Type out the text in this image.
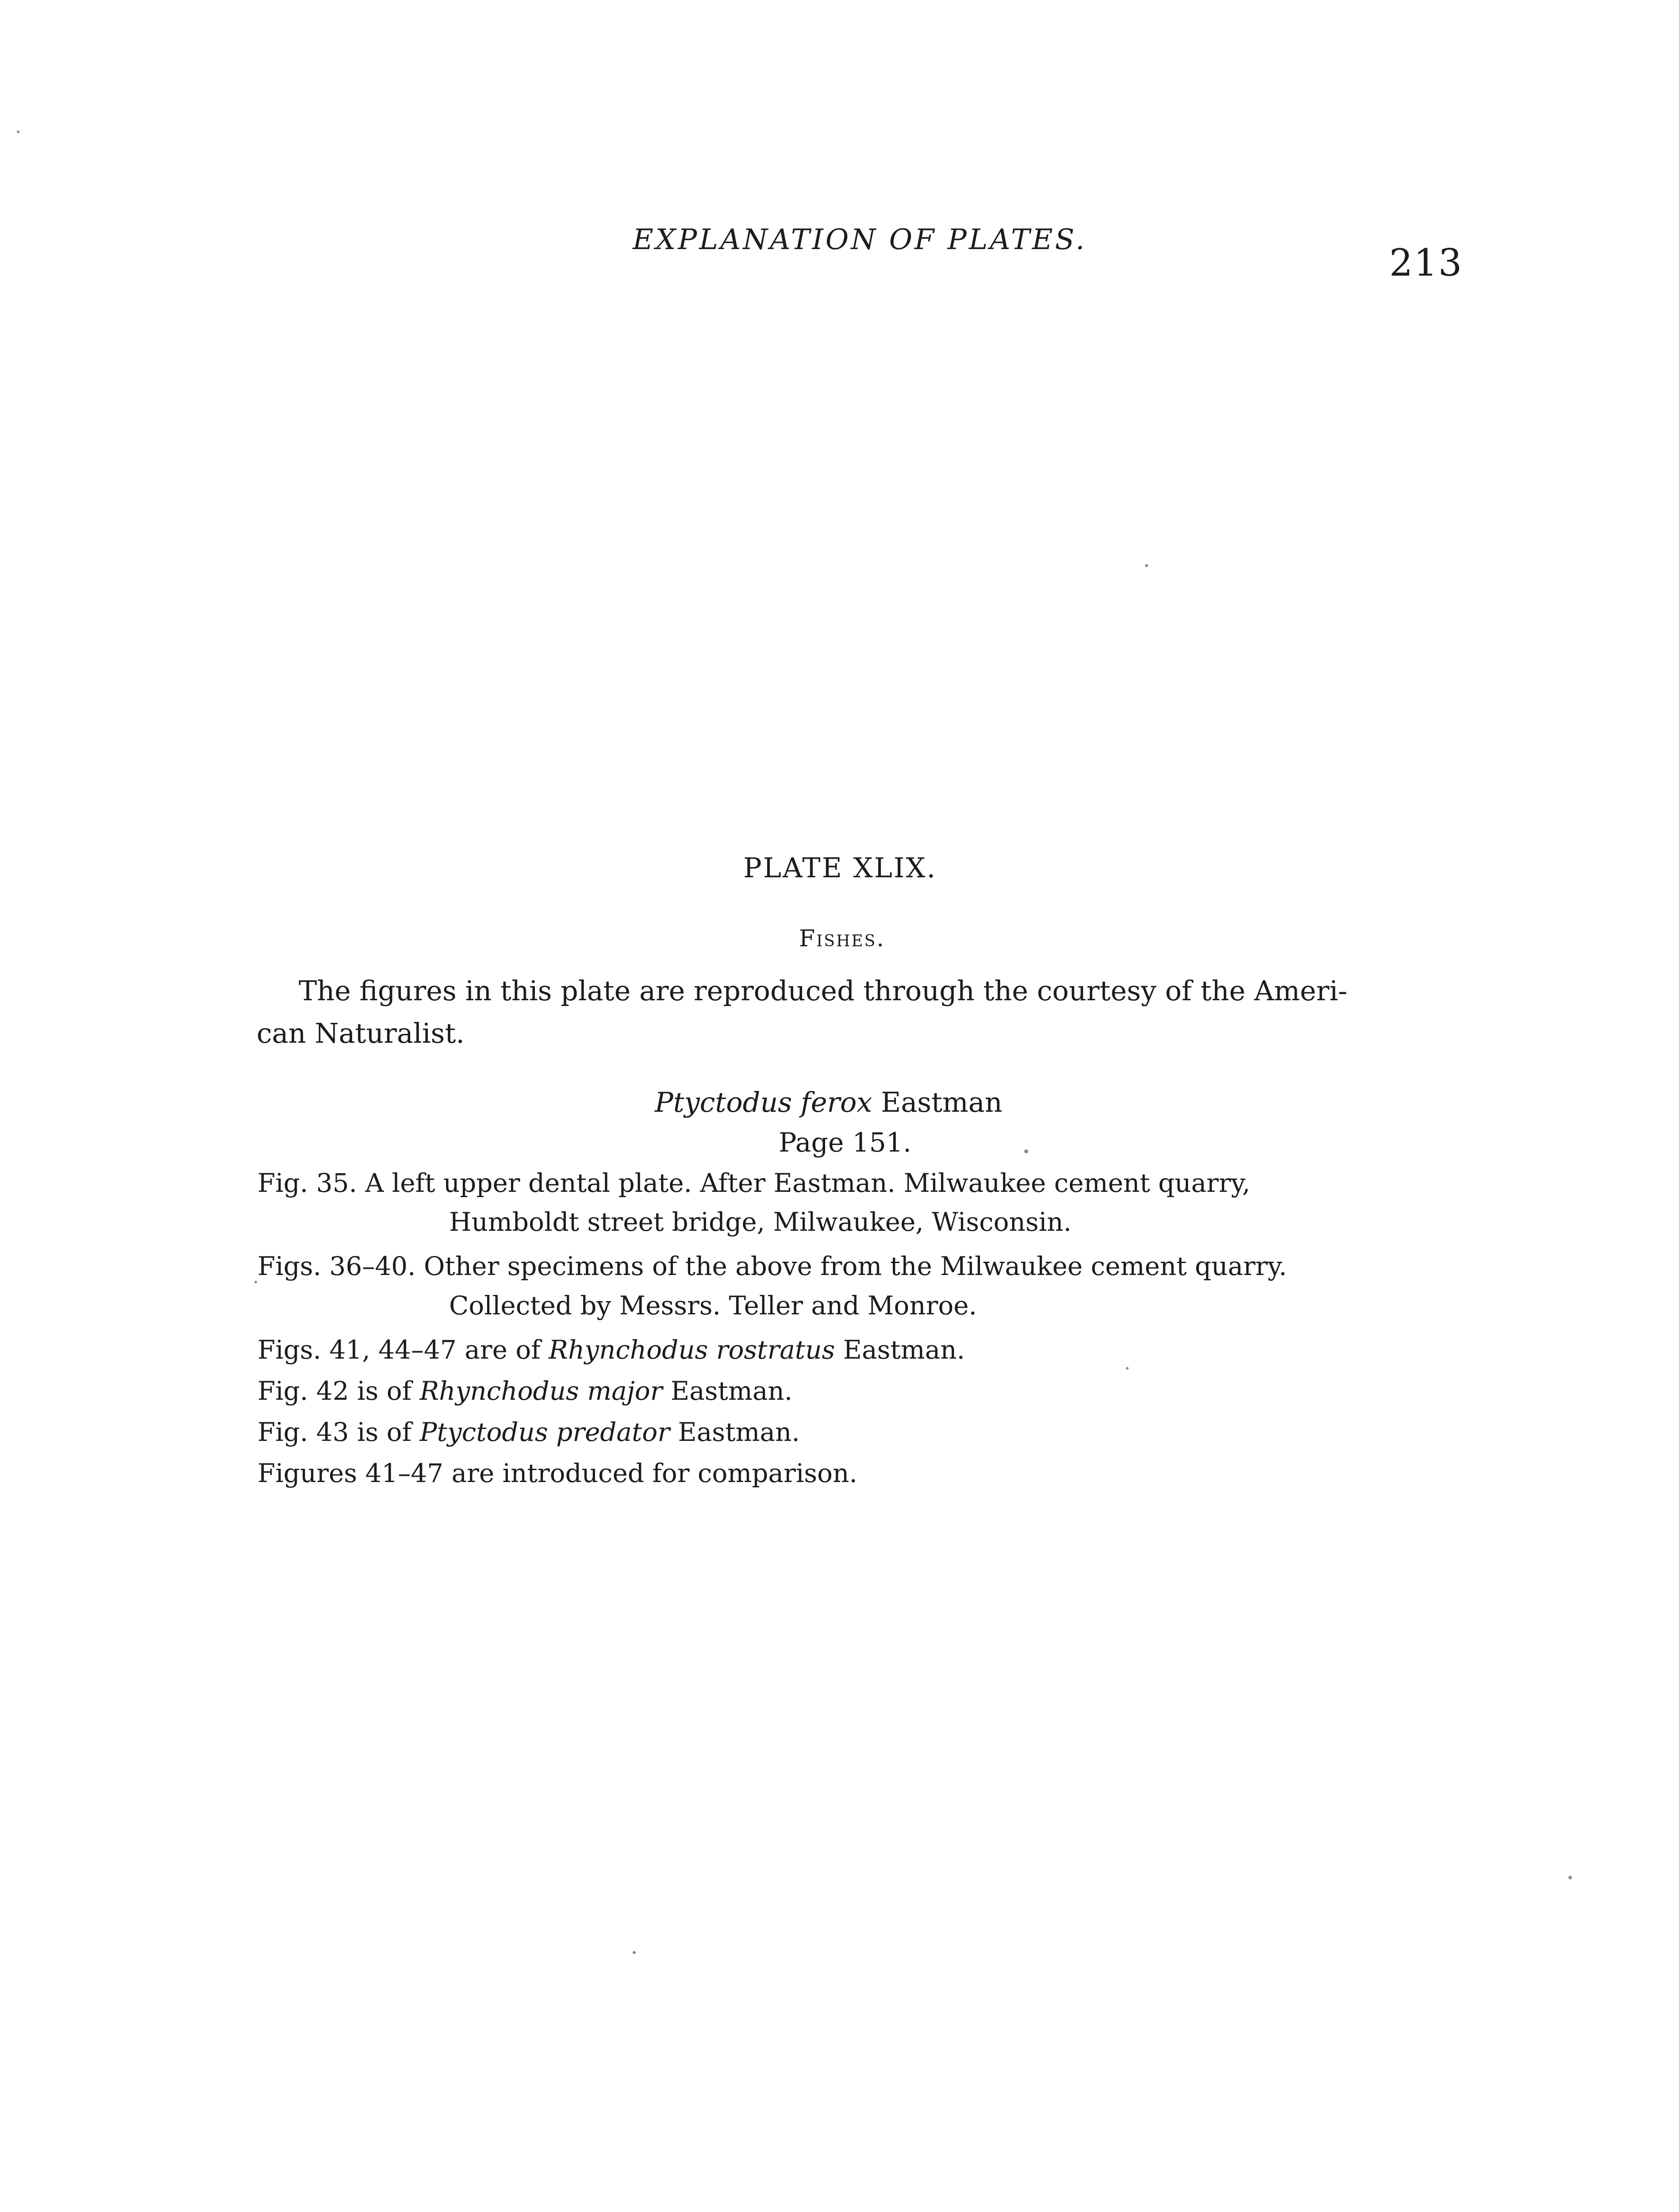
EXPLANATION OF PLATES.
213
PLATE XLIX.
Fishes.
The figures in this plate are reproduced through the courtesy of the Ameri-
can Naturalist.
Ptyctodus ferox Eastman
Page 151.
Fig. 35. A left upper dental plate. After Eastman. Milwaukee cement quarry,
Humboldt street bridge, Milwaukee, Wisconsin.
Figs. 36–40. Other specimens of the above from the Milwaukee cement quarry.
Collected by Messrs. Teller and Monroe.
Figs. 41, 44–47 are of Rhynchodus rostratus Eastman.
Fig. 42 is of Rhynchodus major Eastman.
Fig. 43 is of Ptyctodus predator Eastman.
Figures 41–47 are introduced for comparison.
